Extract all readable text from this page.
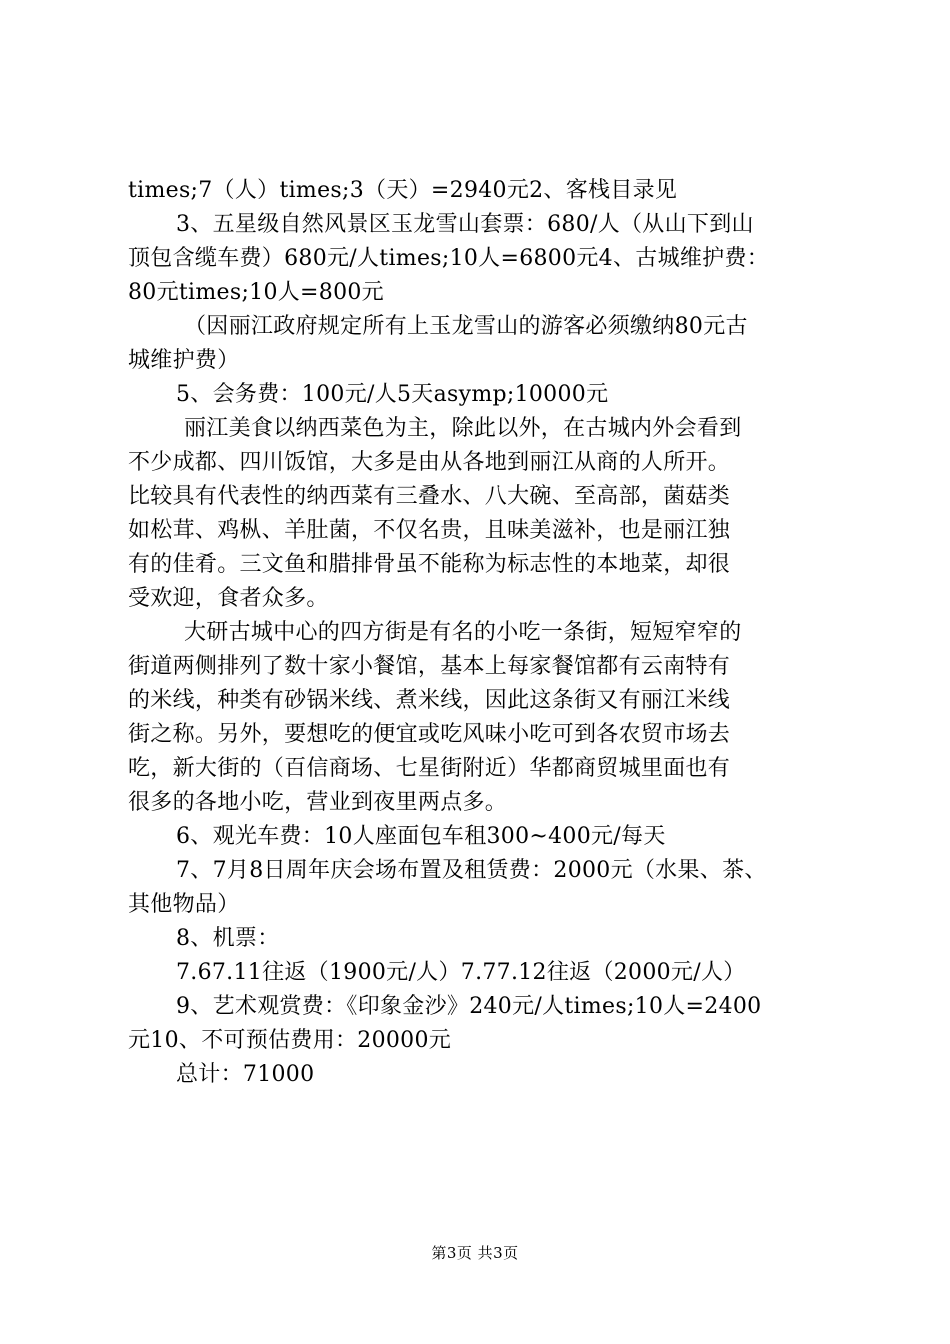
times;7（人）times;3（天）=2940元2、客栈目录见
3、五星级自然风景区玉龙雪山套票：680/人（从山下到山
顶包含缆车费）680元/人times;10人=6800元4、古城维护费：
80元times;10人=800元
（因丽江政府规定所有上玉龙雪山的游客必须缴纳80元古
城维护费）
5、会务费：100元/人5天asymp;10000元
丽江美食以纳西菜色为主，除此以外，在古城内外会看到
不少成都、四川饭馆，大多是由从各地到丽江从商的人所开。
比较具有代表性的纳西菜有三叠水、八大碗、至高部，菌菇类
如松茸、鸡枞、羊肚菌，不仅名贵，且味美滋补，也是丽江独
有的佳肴。三文鱼和腊排骨虽不能称为标志性的本地菜，却很
受欢迎，食者众多。
大研古城中心的四方街是有名的小吃一条街，短短窄窄的
街道两侧排列了数十家小餐馆，基本上每家餐馆都有云南特有
的米线，种类有砂锅米线、煮米线，因此这条街又有丽江米线
街之称。另外，要想吃的便宜或吃风味小吃可到各农贸市场去
吃，新大街的（百信商场、七星街附近）华都商贸城里面也有
很多的各地小吃，营业到夜里两点多。
6、观光车费：10人座面包车租300~400元/每天
7、7月8日周年庆会场布置及租赁费：2000元（水果、茶、
其他物品）
8、机票：
7.67.11往返（1900元/人）7.77.12往返（2000元/人）
9、艺术观赏费：《印象金沙》240元/人times;10人=2400
元10、不可预估费用：20000元
总计：71000
第3页 共3页
